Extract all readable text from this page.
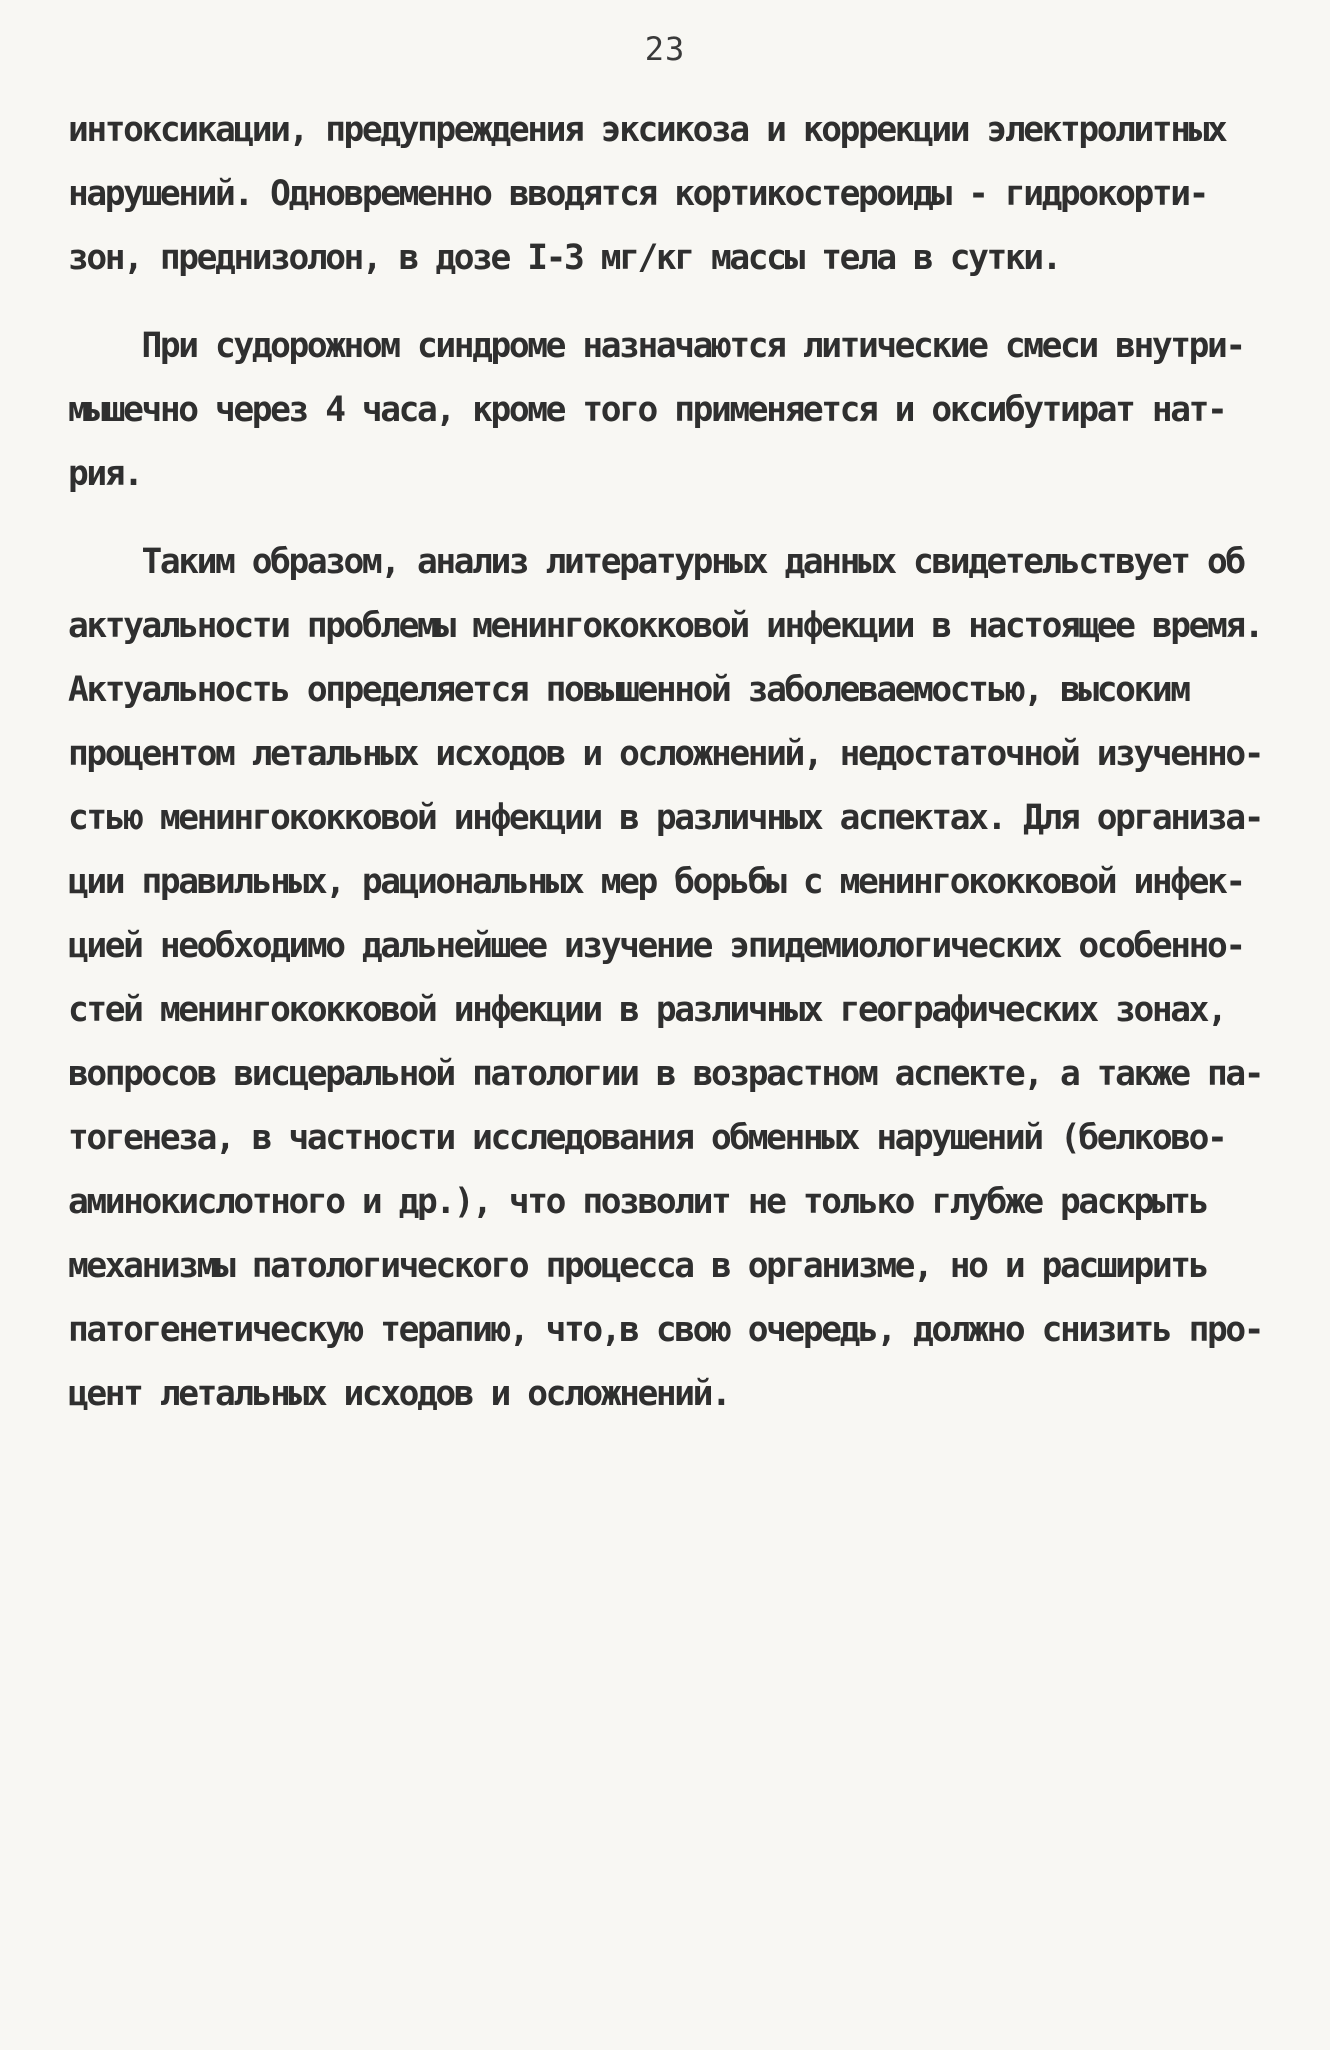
23
интоксикации, предупреждения эксикоза и коррекции электролитных
нарушений. Одновременно вводятся кортикостероиды - гидрокорти-
зон, преднизолон, в дозе I-3 мг/кг массы тела в сутки.
При судорожном синдроме назначаются литические смеси внутри-
мышечно через 4 часа, кроме того применяется и оксибутират нат-
рия.
Таким образом, анализ литературных данных свидетельствует об
актуальности проблемы менингококковой инфекции в настоящее время.
Актуальность определяется повышенной заболеваемостью, высоким
процентом летальных исходов и осложнений, недостаточной изученно-
стью менингококковой инфекции в различных аспектах. Для организа-
ции правильных, рациональных мер борьбы с менингококковой инфек-
цией необходимо дальнейшее изучение эпидемиологических особенно-
стей менингококковой инфекции в различных географических зонах,
вопросов висцеральной патологии в возрастном аспекте, а также па-
тогенеза, в частности исследования обменных нарушений (белково-
аминокислотного и др.), что позволит не только глубже раскрыть
механизмы патологического процесса в организме, но и расширить
патогенетическую терапию, что,в свою очередь, должно снизить про-
цент летальных исходов и осложнений.
